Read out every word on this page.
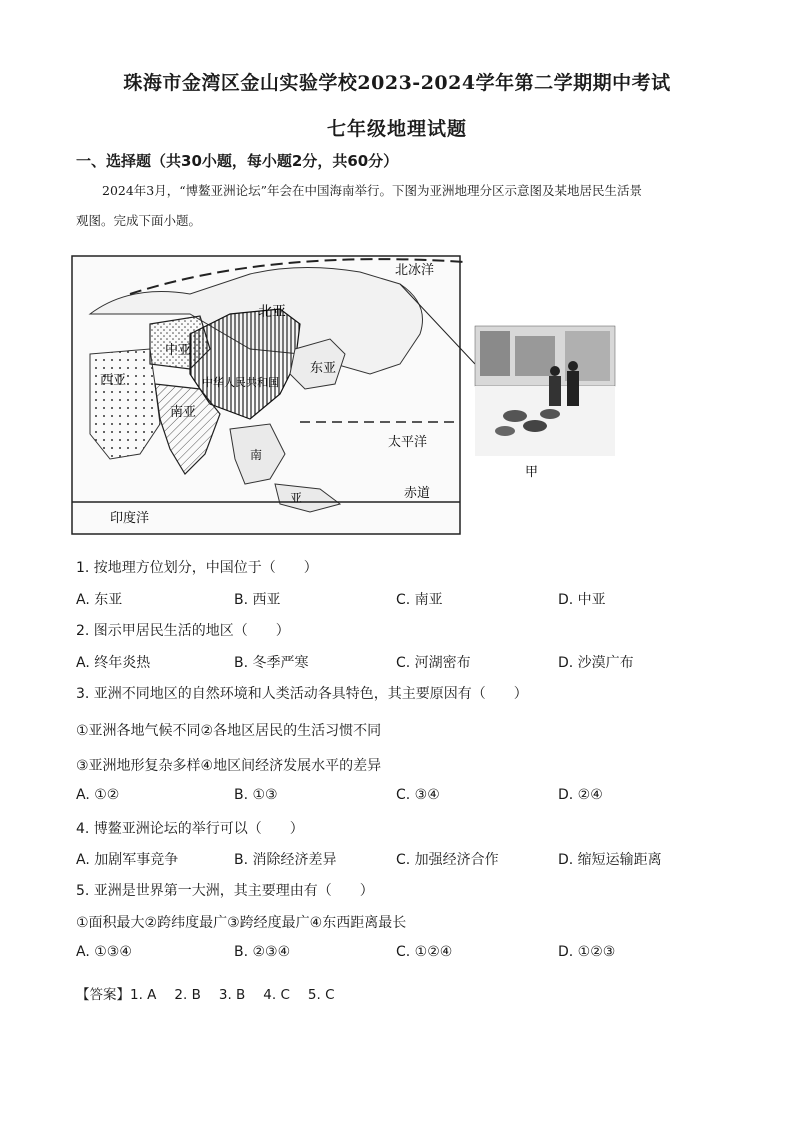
珠海市金湾区金山实验学校2023-2024学年第二学期期中考试
七年级地理试题
一、选择题（共30小题，每小题2分，共60分）
2024年3月，“博鳌亚洲论坛”年会在中国海南举行。下图为亚洲地理分区示意图及某地居民生活景
观图。完成下面小题。
北冰洋
北亚
中亚
东亚
西亚	中华人民共和国
南亚
南
亚
太平洋
赤道
印度洋
甲
1. 按地理方位划分，中国位于（　　）
A. 东亚	B. 西亚	C. 南亚	D. 中亚
2. 图示甲居民生活的地区（　　）
A. 终年炎热	B. 冬季严寒	C. 河湖密布	D. 沙漠广布
3. 亚洲不同地区的自然环境和人类活动各具特色，其主要原因有（　　）
①亚洲各地气候不同②各地区居民的生活习惯不同
③亚洲地形复杂多样④地区间经济发展水平的差异
A. ①②	B. ①③	C. ③④	D. ②④
4. 博鳌亚洲论坛的举行可以（　　）
A. 加剧军事竞争	B. 消除经济差异	C. 加强经济合作	D. 缩短运输距离
5. 亚洲是世界第一大洲，其主要理由有（　　）
①面积最大②跨纬度最广③跨经度最广④东西距离最长
A. ①③④	B. ②③④	C. ①②④	D. ①②③
【答案】1. A 2. B 3. B 4. C 5. C
